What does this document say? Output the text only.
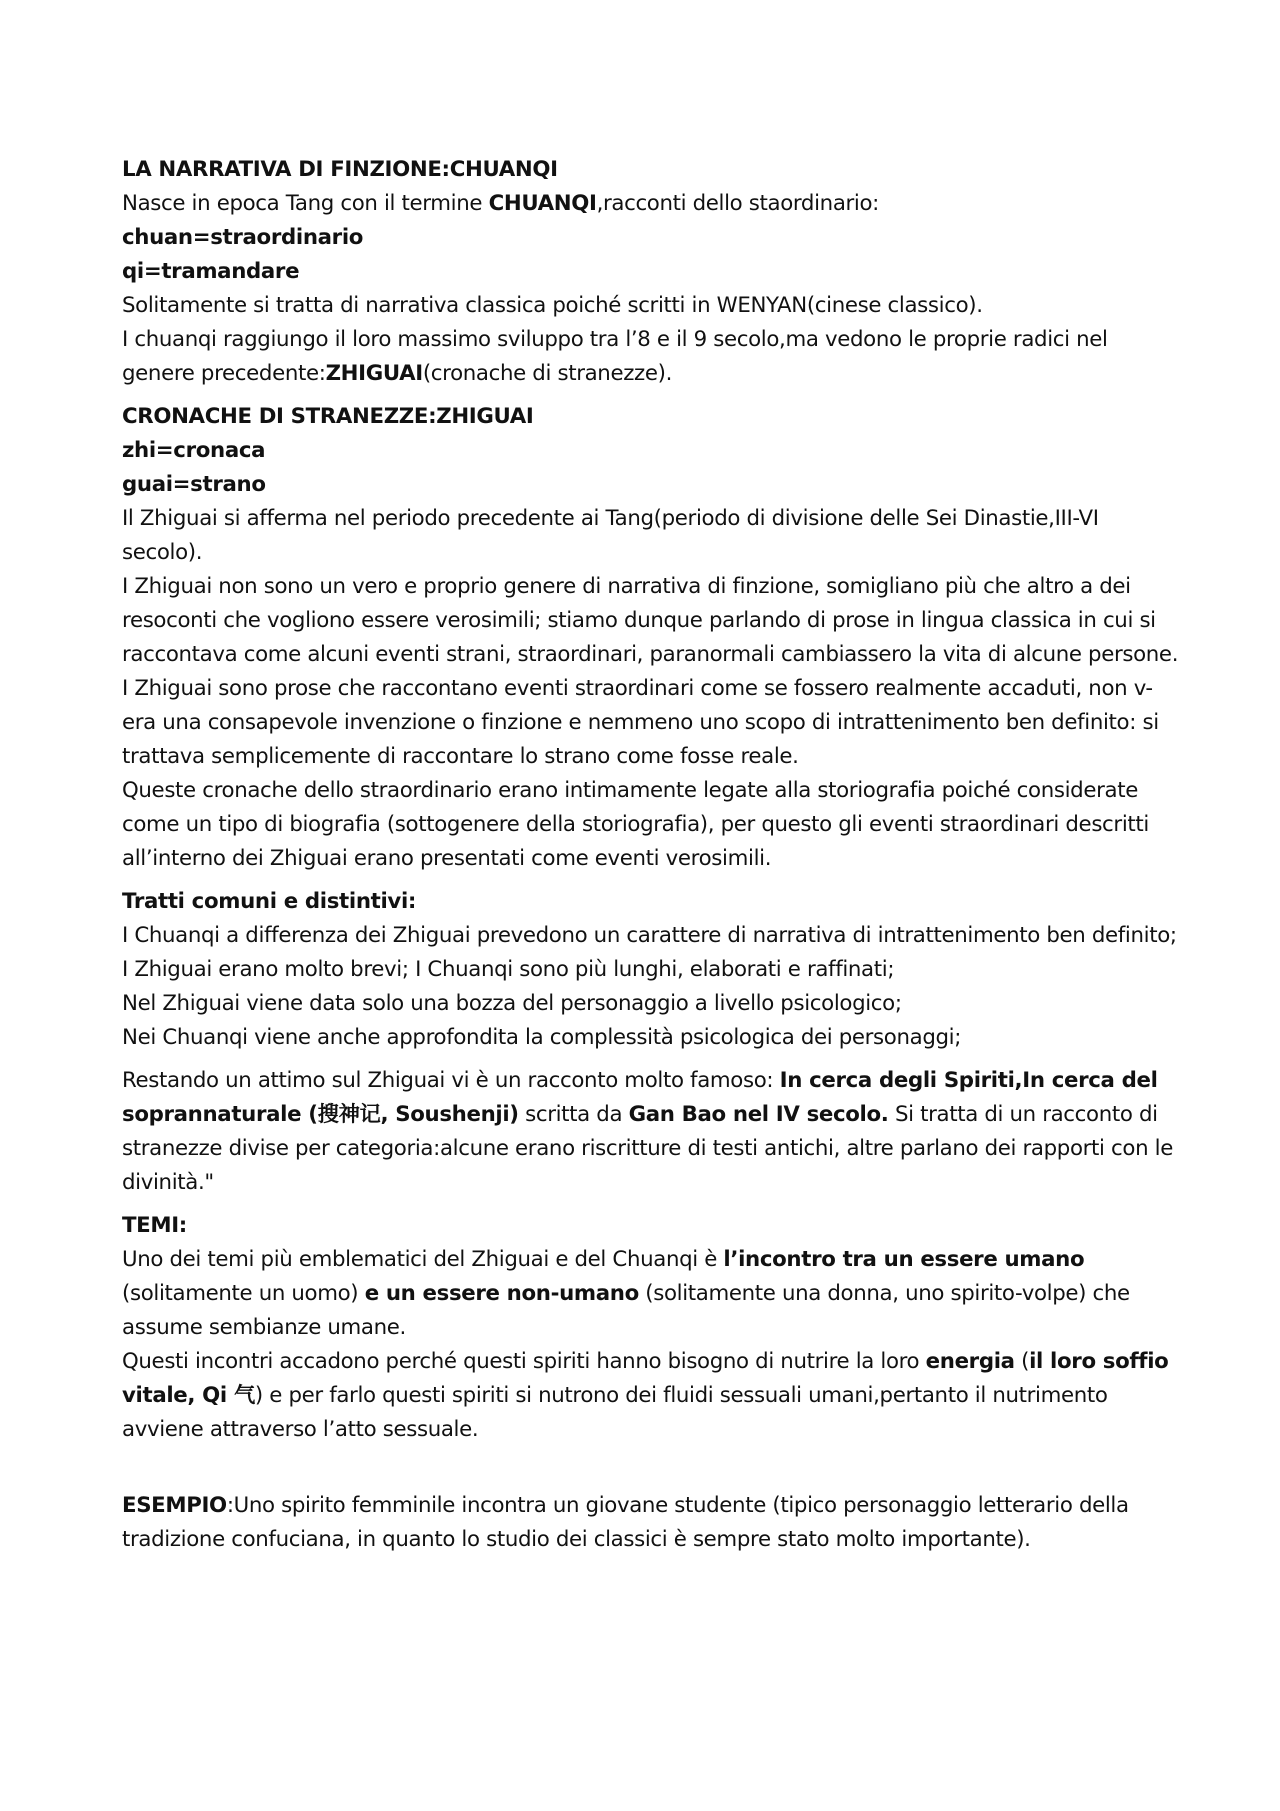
LA NARRATIVA DI FINZIONE:CHUANQI

Nasce in epoca Tang con il termine CHUANQI,racconti dello staordinario:

chuan=straordinario

qi=tramandare

Solitamente si tratta di narrativa classica poiché scritti in WENYAN(cinese classico).

I chuanqi raggiungo il loro massimo sviluppo tra l’8 e il 9 secolo,ma vedono le proprie radici nel genere precedente:ZHIGUAI(cronache di stranezze).

CRONACHE DI STRANEZZE:ZHIGUAI

zhi=cronaca

guai=strano

Il Zhiguai si afferma nel periodo precedente ai Tang(periodo di divisione delle Sei Dinastie,III-VI secolo).

I Zhiguai non sono un vero e proprio genere di narrativa di finzione, somigliano più che altro a dei resoconti che vogliono essere verosimili; stiamo dunque parlando di prose in lingua classica in cui si raccontava come alcuni eventi strani, straordinari, paranormali cambiassero la vita di alcune persone.

I Zhiguai sono prose che raccontano eventi straordinari come se fossero realmente accaduti, non v-era una consapevole invenzione o finzione e nemmeno uno scopo di intrattenimento ben definito: si trattava semplicemente di raccontare lo strano come fosse reale.

Queste cronache dello straordinario erano intimamente legate alla storiografia poiché considerate come un tipo di biografia (sottogenere della storiografia), per questo gli eventi straordinari descritti all’interno dei Zhiguai erano presentati come eventi verosimili.

Tratti comuni e distintivi:

I Chuanqi a differenza dei Zhiguai prevedono un carattere di narrativa di intrattenimento ben definito;

I Zhiguai erano molto brevi; I Chuanqi sono più lunghi, elaborati e raffinati;

Nel Zhiguai viene data solo una bozza del personaggio a livello psicologico;

Nei Chuanqi viene anche approfondita la complessità psicologica dei personaggi;

Restando un attimo sul Zhiguai vi è un racconto molto famoso: In cerca degli Spiriti,In cerca del soprannaturale (搜神记, Soushenji) scritta da Gan Bao nel IV secolo. Si tratta di un racconto di stranezze divise per categoria:alcune erano riscritture di testi antichi, altre parlano dei rapporti con le divinità."

TEMI:

Uno dei temi più emblematici del Zhiguai e del Chuanqi è l’incontro tra un essere umano (solitamente un uomo) e un essere non-umano (solitamente una donna, uno spirito-volpe) che assume sembianze umane.

Questi incontri accadono perché questi spiriti hanno bisogno di nutrire la loro energia (il loro soffio vitale, Qi 气) e per farlo questi spiriti si nutrono dei fluidi sessuali umani,pertanto il nutrimento avviene attraverso l’atto sessuale.

ESEMPIO:Uno spirito femminile incontra un giovane studente (tipico personaggio letterario della tradizione confuciana, in quanto lo studio dei classici è sempre stato molto importante).
